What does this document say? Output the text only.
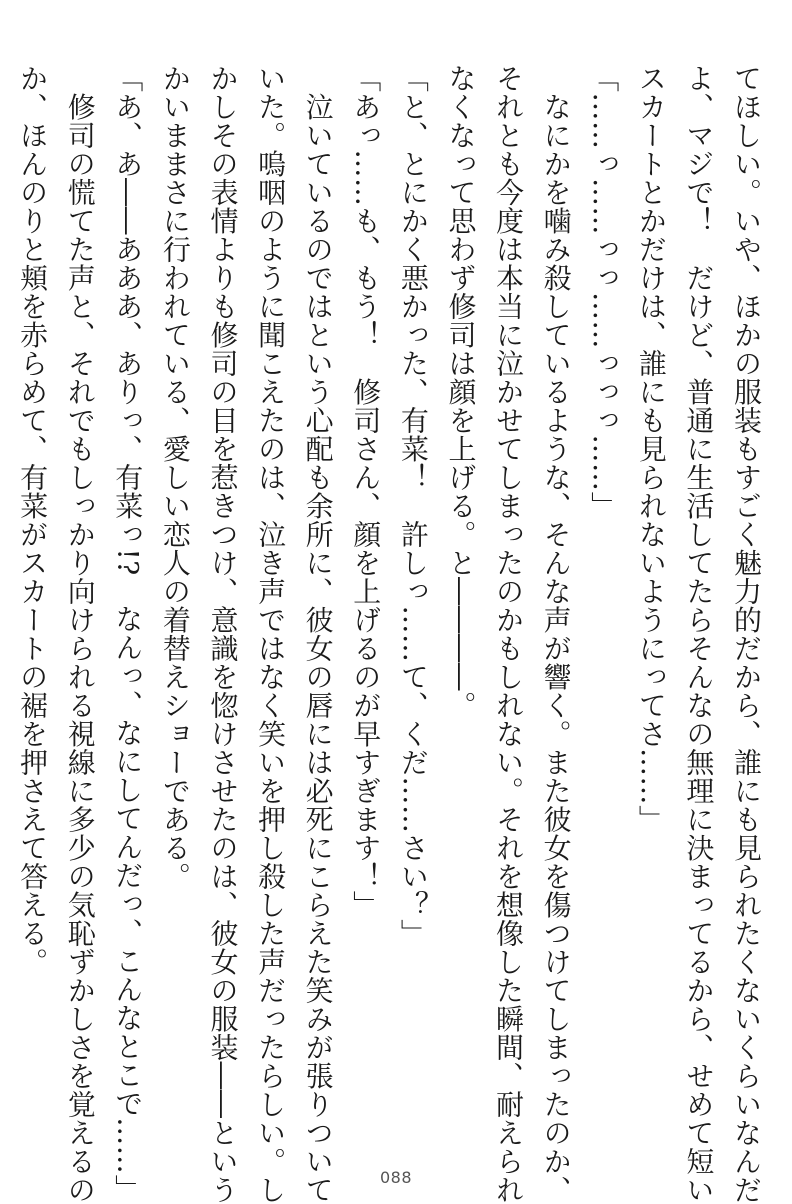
てほしい。いや、ほかの服装もすごく魅力的だから、誰にも見られたくないくらいなんだ
よ、マジで！　だけど、普通に生活してたらそんなの無理に決まってるから、せめて短い
スカートとかだけは、誰にも見られないようにってさ……」
「……っ……っっ……っっっ……」
　なにかを噛み殺しているような、そんな声が響く。また彼女を傷つけてしまったのか、
それとも今度は本当に泣かせてしまったのかもしれない。それを想像した瞬間、耐えられ
なくなって思わず修司は顔を上げる。と――――。
「と、とにかく悪かった、有菜！　許しっ……て、くだ……さい？」
「あっ……も、もう！　修司さん、顔を上げるのが早すぎます！」
　泣いているのではという心配も余所に、彼女の唇には必死にこらえた笑みが張りついて
いた。嗚咽のように聞こえたのは、泣き声ではなく笑いを押し殺した声だったらしい。し
かしその表情よりも修司の目を惹きつけ、意識を惚けさせたのは、彼女の服装――という
かいままさに行われている、愛しい恋人の着替えショーである。
「あ、あ――あああ、ありっ、有菜っ!?　なんっ、なにしてんだっ、こんなとこで……」
　修司の慌てた声と、それでもしっかり向けられる視線に多少の気恥ずかしさを覚えるの
か、ほんのりと頬を赤らめて、有菜がスカートの裾を押さえて答える。
088
